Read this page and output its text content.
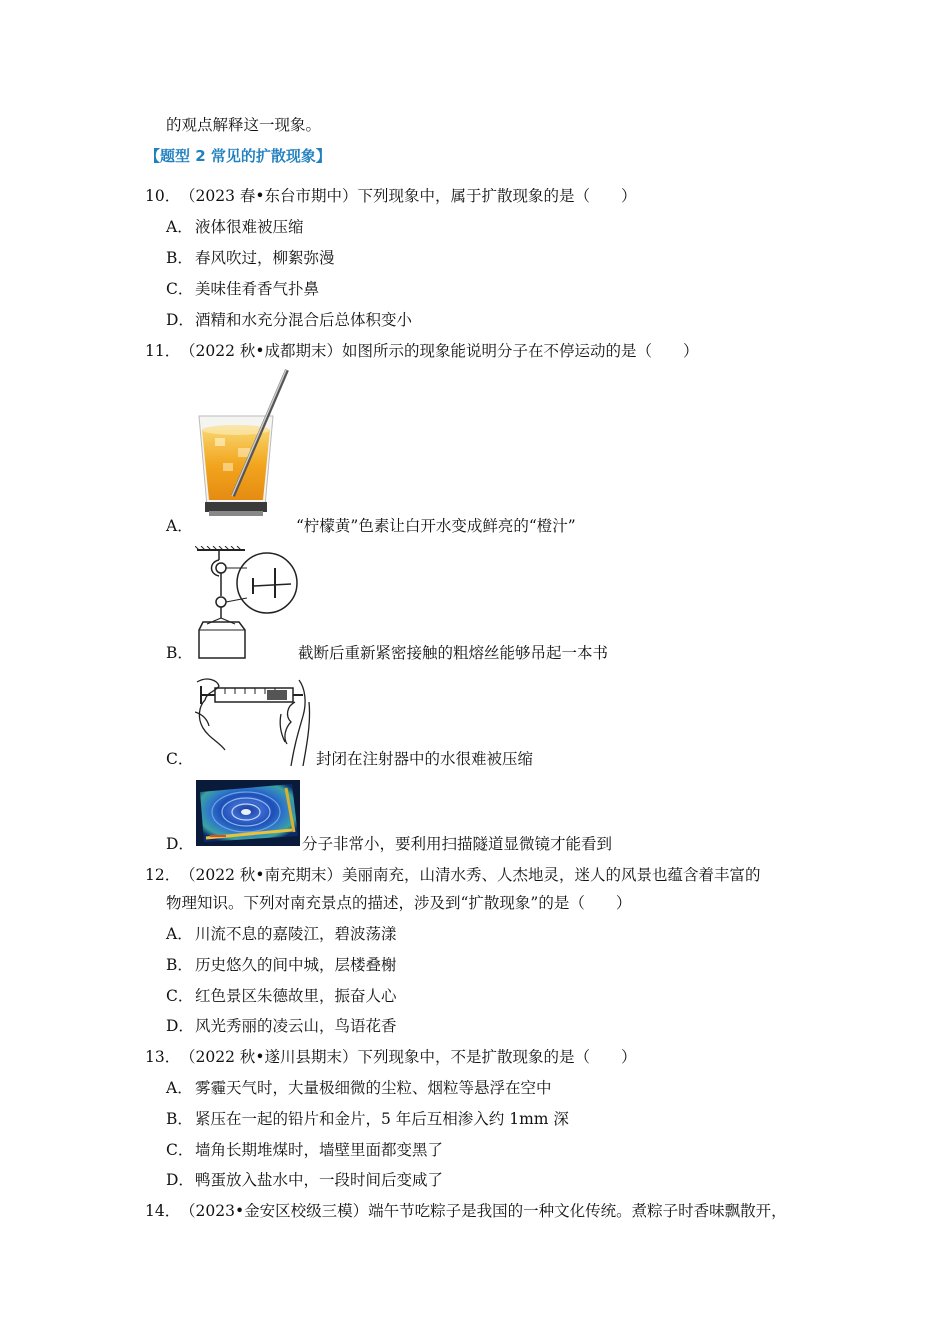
的观点解释这一现象。
【题型 2 常见的扩散现象】
10． （2023 春•东台市期中）下列现象中，属于扩散现象的是（　　）
A． 液体很难被压缩
B． 春风吹过，柳絮弥漫
C． 美味佳肴香气扑鼻
D． 酒精和水充分混合后总体积变小
11． （2022 秋•成都期末）如图所示的现象能说明分子在不停运动的是（　　）
A．	“柠檬黄”色素让白开水变成鲜亮的“橙汁”
B．	截断后重新紧密接触的粗熔丝能够吊起一本书
C．	封闭在注射器中的水很难被压缩
D．	分子非常小，要利用扫描隧道显微镜才能看到
12． （2022 秋•南充期末）美丽南充，山清水秀、人杰地灵，迷人的风景也蕴含着丰富的
物理知识。下列对南充景点的描述，涉及到“扩散现象”的是（　　）
A． 川流不息的嘉陵江，碧波荡漾
B． 历史悠久的间中城，层楼叠榭
C． 红色景区朱德故里，振奋人心
D． 风光秀丽的凌云山，鸟语花香
13． （2022 秋•遂川县期末）下列现象中，不是扩散现象的是（　　）
A． 雾霾天气时，大量极细微的尘粒、烟粒等悬浮在空中
B． 紧压在一起的铅片和金片，5 年后互相渗入约 1mm 深
C． 墙角长期堆煤时，墙壁里面都变黑了
D． 鸭蛋放入盐水中，一段时间后变咸了
14． （2023•金安区校级三模）端午节吃粽子是我国的一种文化传统。煮粽子时香味飘散开，
